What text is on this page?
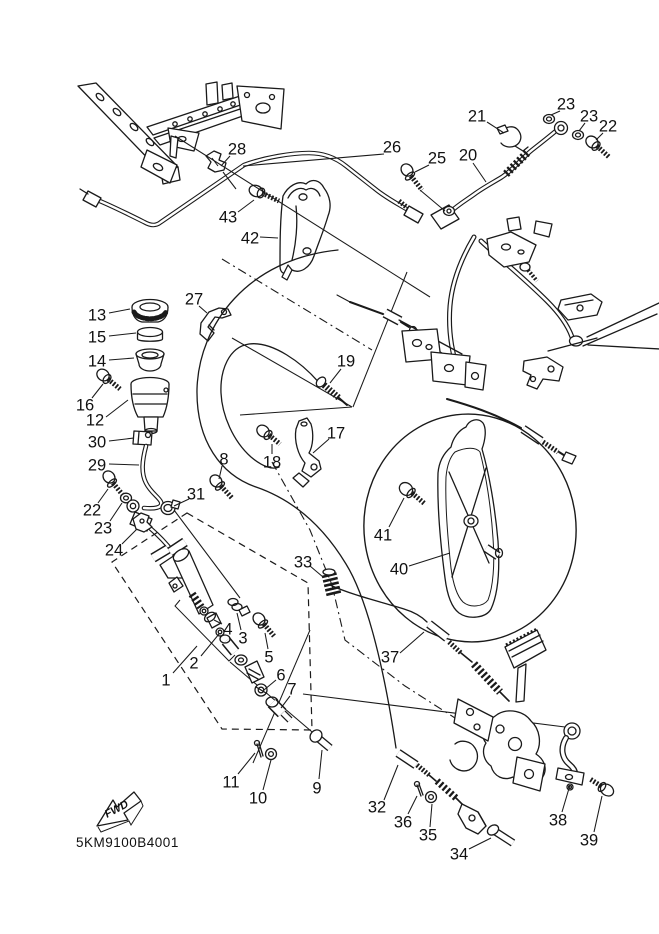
FWD
5KM9100B4001
28
43
42
26
25 20
21
23
23
22
13
15
14
16
12
30
29
22
23
24
27
19
17
18
8
31
33
41
40
1
2
4 3
5
6
7
11
10
9
37
32
36
35
34
38
39
